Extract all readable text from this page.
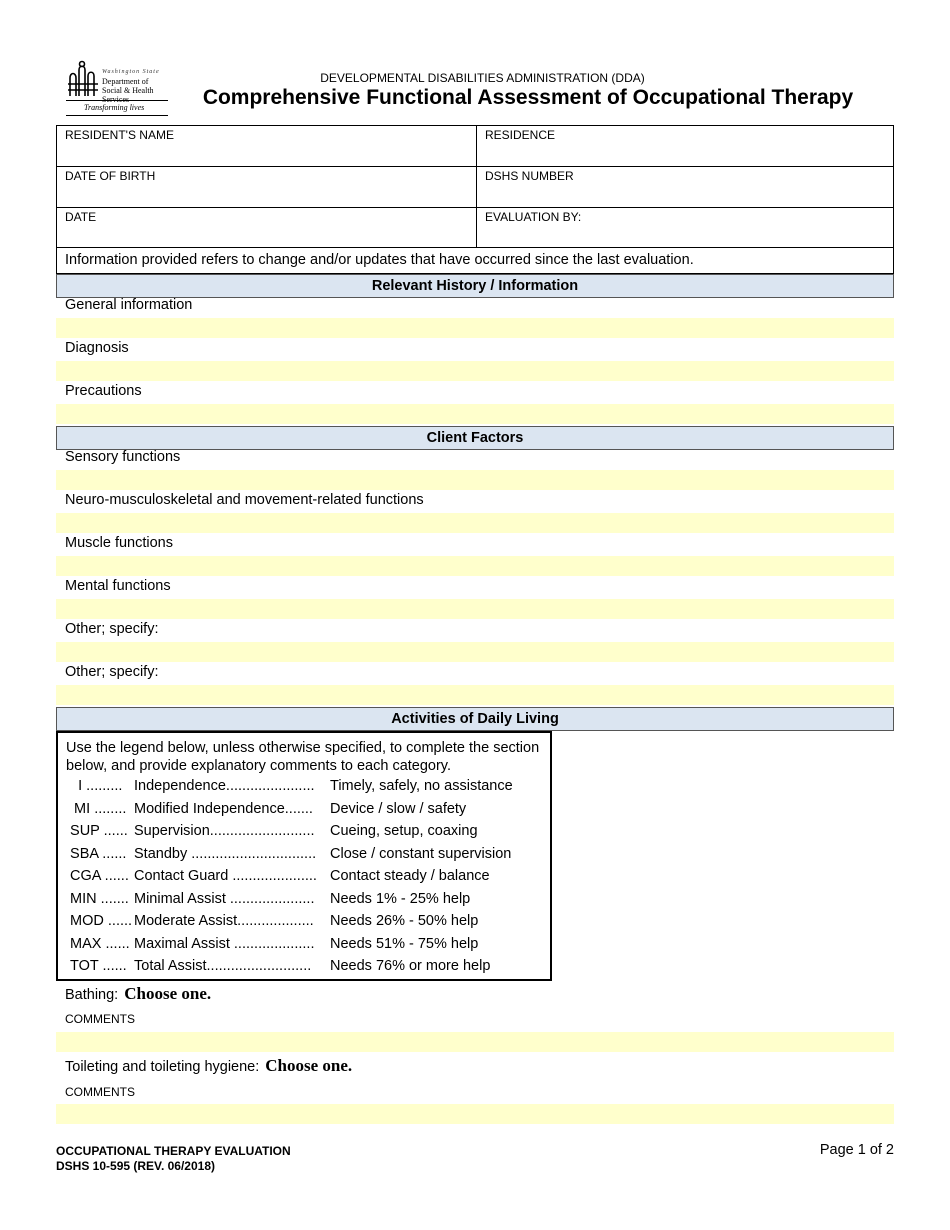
Washington State
Department of Social & Health Services
Transforming lives
DEVELOPMENTAL DISABILITIES ADMINISTRATION (DDA)
Comprehensive Functional Assessment of Occupational Therapy
RESIDENT'S NAME	RESIDENCE
DATE OF BIRTH	DSHS NUMBER
DATE	EVALUATION BY:
Information provided refers to change and/or updates that have occurred since the last evaluation.
Relevant History / Information
General information
Diagnosis
Precautions
Client Factors
Sensory functions
Neuro-musculoskeletal and movement-related functions
Muscle functions
Mental functions
Other; specify:
Other; specify:
Activities of Daily Living
Use the legend below, unless otherwise specified, to complete the section below, and provide explanatory comments to each category.
I ......... Independence......................	Timely, safely, no assistance
MI ........ Modified Independence.......	Device / slow / safety
SUP ...... Supervision..........................	Cueing, setup, coaxing
SBA ...... Standby ............................... Close / constant supervision
CGA ...... Contact Guard ..................... Contact steady / balance
MIN ....... Minimal Assist .....................	Needs 1% - 25% help
MOD ...... Moderate Assist...................	Needs 26% - 50% help
MAX ...... Maximal Assist ....................	Needs 51% - 75% help
TOT ...... Total Assist..........................	Needs 76% or more help
Bathing: Choose one.
COMMENTS
Toileting and toileting hygiene: Choose one.
COMMENTS
OCCUPATIONAL THERAPY EVALUATION
DSHS 10-595 (REV. 06/2018)
Page 1 of 2
